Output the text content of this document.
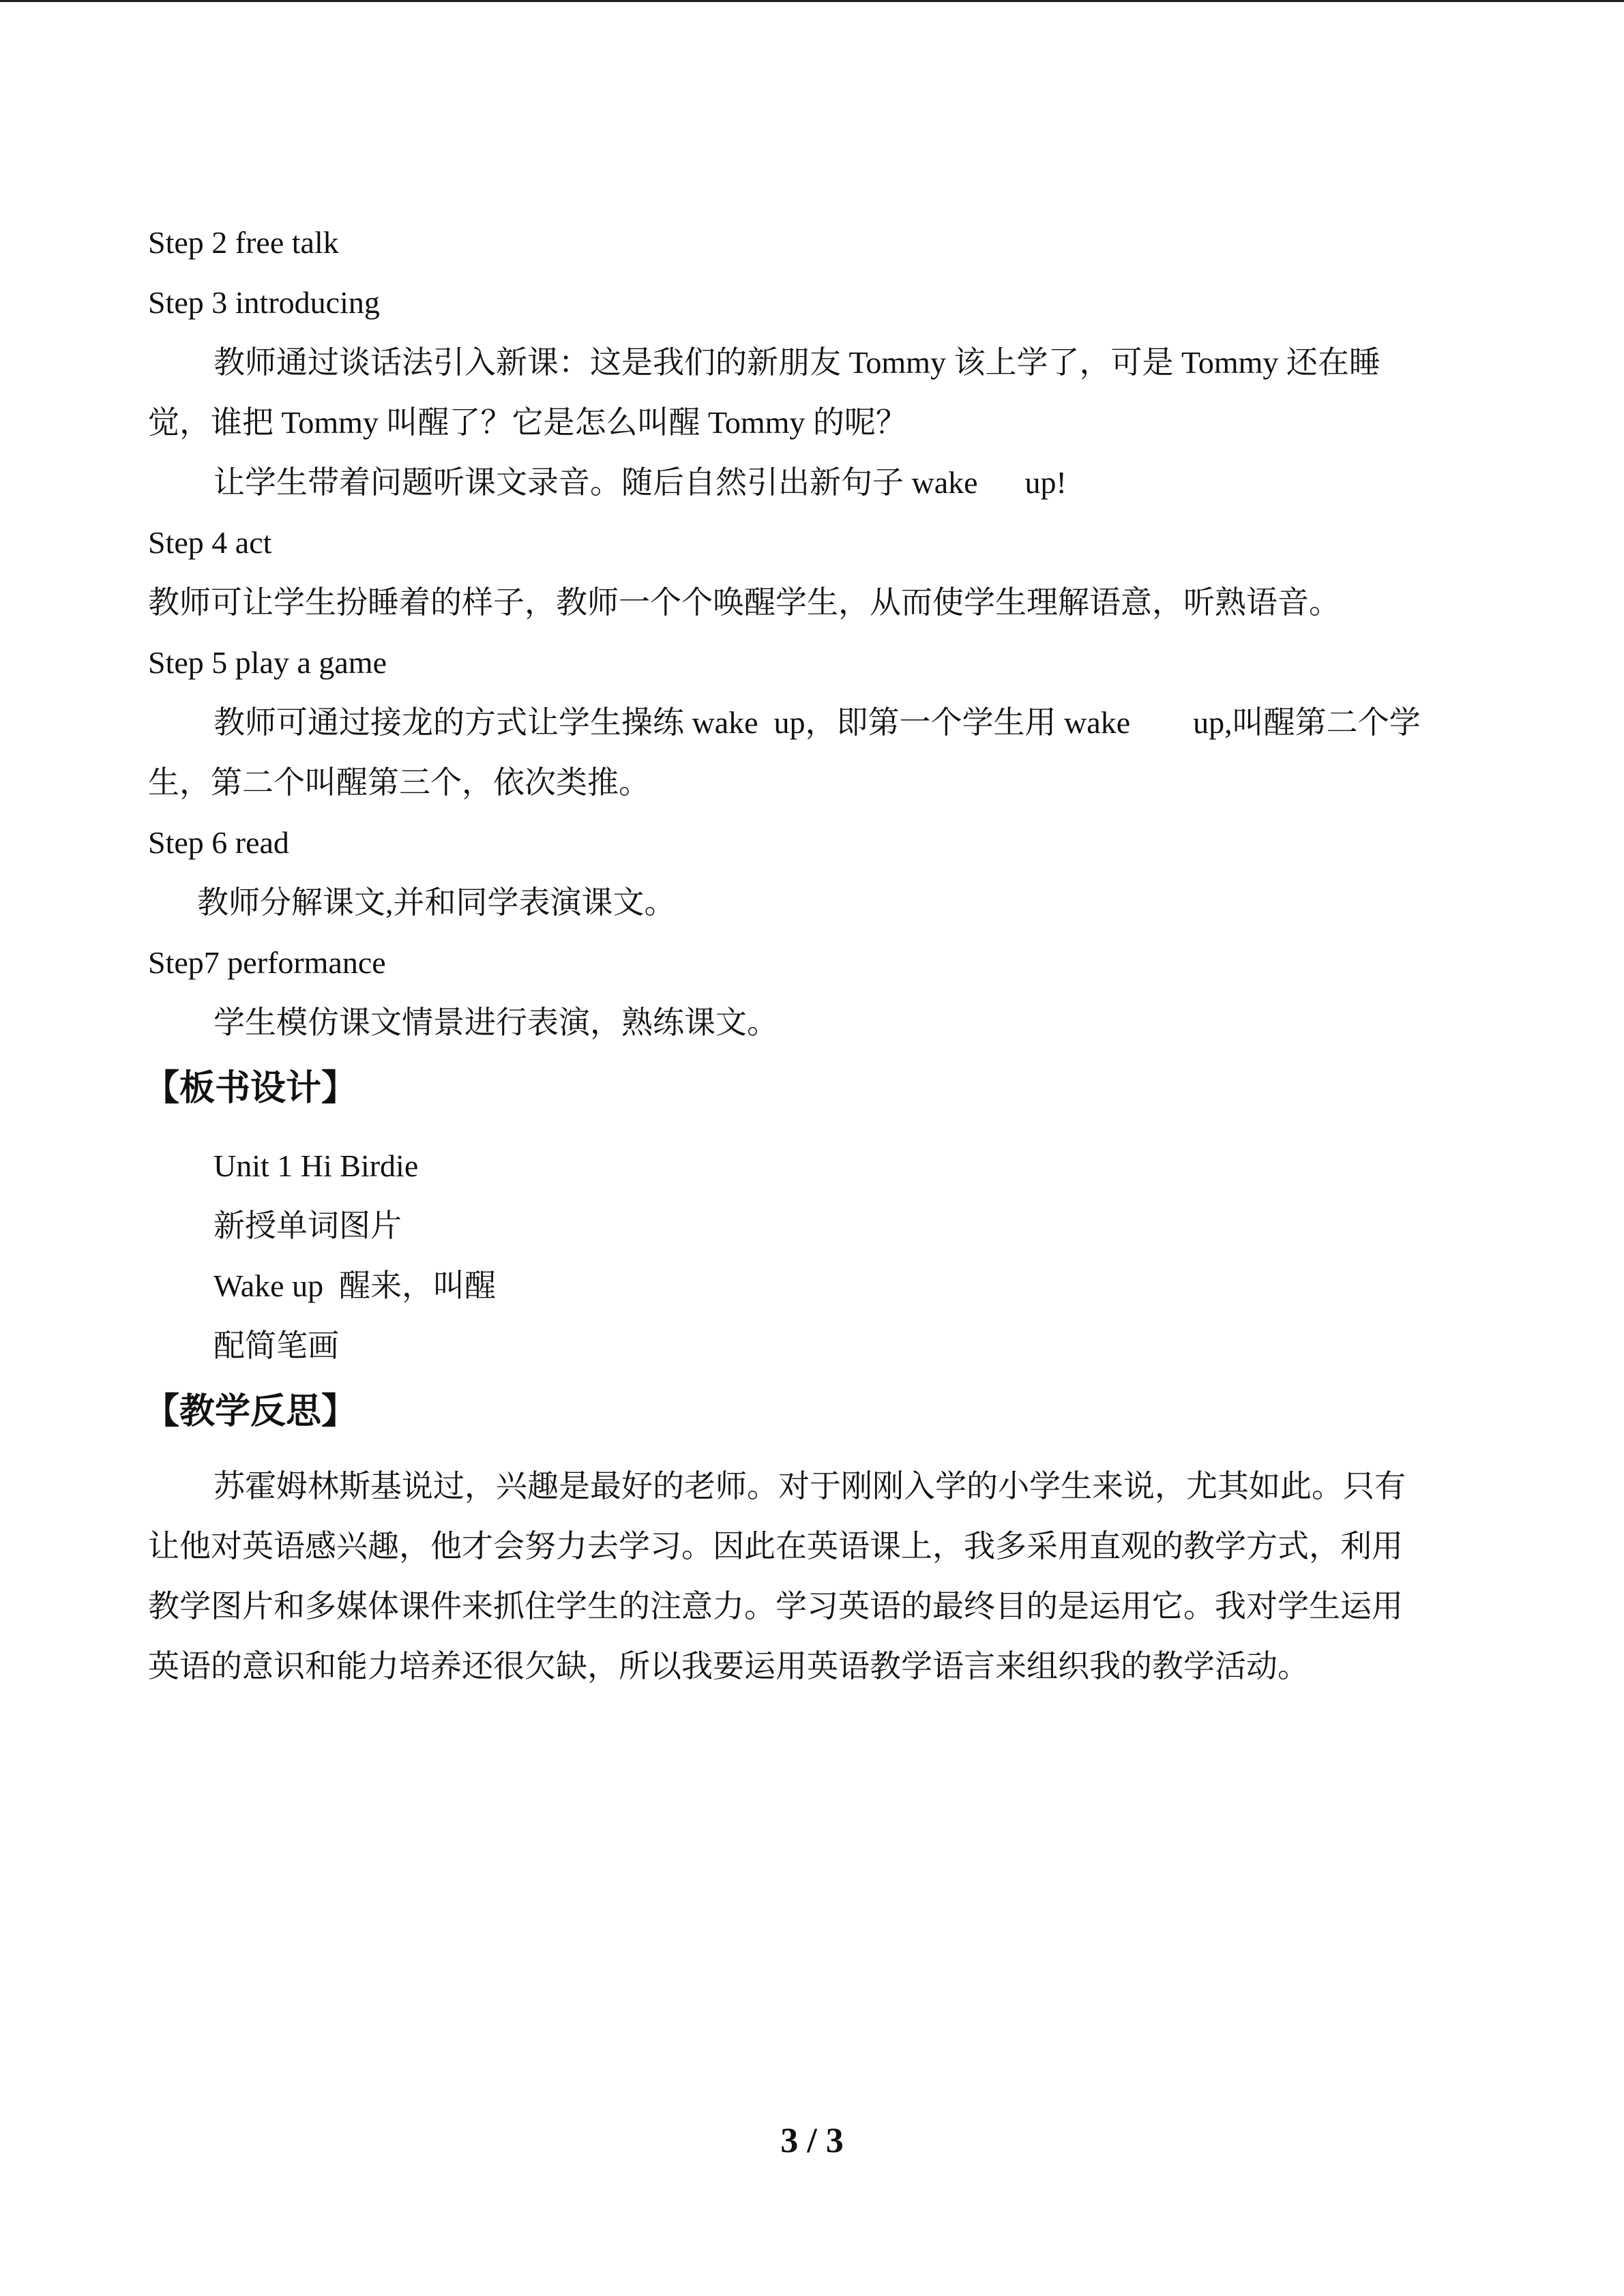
Step 2 free talk
Step 3 introducing
教师通过谈话法引入新课：这是我们的新朋友 Tommy 该上学了，可是 Tommy 还在睡
觉，谁把 Tommy 叫醒了？它是怎么叫醒 Tommy 的呢？
让学生带着问题听课文录音。随后自然引出新句子 wake      up!
Step 4 act
教师可让学生扮睡着的样子，教师一个个唤醒学生，从而使学生理解语意，听熟语音。
Step 5 play a game
教师可通过接龙的方式让学生操练 wake  up，即第一个学生用 wake        up,叫醒第二个学
生，第二个叫醒第三个，依次类推。
Step 6 read
教师分解课文,并和同学表演课文。
Step7 performance
学生模仿课文情景进行表演，熟练课文。
【板书设计】
Unit 1 Hi Birdie
新授单词图片
Wake up  醒来，叫醒
配简笔画
【教学反思】
苏霍姆林斯基说过，兴趣是最好的老师。对于刚刚入学的小学生来说，尤其如此。只有
让他对英语感兴趣，他才会努力去学习。因此在英语课上，我多采用直观的教学方式，利用
教学图片和多媒体课件来抓住学生的注意力。学习英语的最终目的是运用它。我对学生运用
英语的意识和能力培养还很欠缺，所以我要运用英语教学语言来组织我的教学活动。
3 / 3
